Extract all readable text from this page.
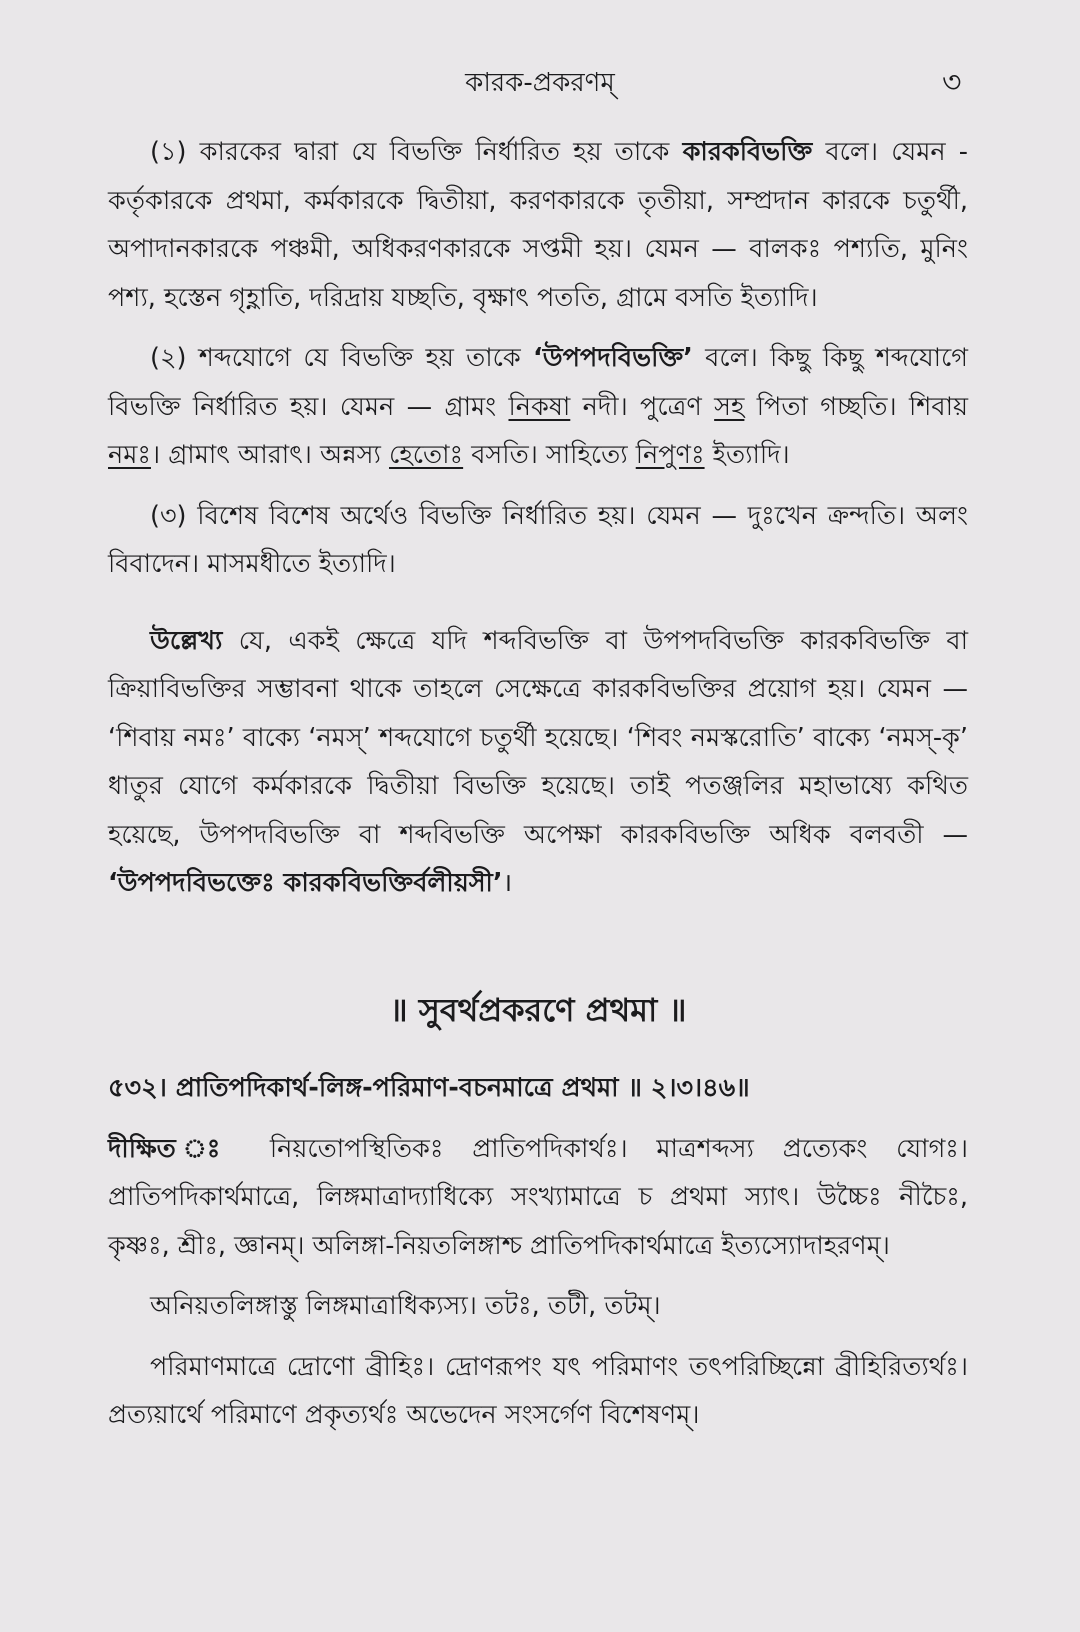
কারক-প্রকরণম্	৩

(১) কারকের দ্বারা যে বিভক্তি নির্ধারিত হয় তাকে কারকবিভক্তি বলে। যেমন - কর্তৃকারকে প্রথমা, কর্মকারকে দ্বিতীয়া, করণকারকে তৃতীয়া, সম্প্রদান কারকে চতুর্থী, অপাদানকারকে পঞ্চমী, অধিকরণকারকে সপ্তমী হয়। যেমন — বালকঃ পশ্যতি, মুনিং পশ্য, হস্তেন গৃহ্ণাতি, দরিদ্রায় যচ্ছতি, বৃক্ষাৎ পততি, গ্রামে বসতি ইত্যাদি।

(২) শব্দযোগে যে বিভক্তি হয় তাকে ‘উপপদবিভক্তি’ বলে। কিছু কিছু শব্দযোগে বিভক্তি নির্ধারিত হয়। যেমন — গ্রামং নিকষা নদী। পুত্রেণ সহ পিতা গচ্ছতি। শিবায় নমঃ। গ্রামাৎ আরাৎ। অন্নস্য হেতোঃ বসতি। সাহিত্যে নিপুণঃ ইত্যাদি।

(৩) বিশেষ বিশেষ অর্থেও বিভক্তি নির্ধারিত হয়। যেমন — দুঃখেন ক্রন্দতি। অলং বিবাদেন। মাসমধীতে ইত্যাদি।

উল্লেখ্য যে, একই ক্ষেত্রে যদি শব্দবিভক্তি বা উপপদবিভক্তি কারকবিভক্তি বা ক্রিয়াবিভক্তির সম্ভাবনা থাকে তাহলে সেক্ষেত্রে কারকবিভক্তির প্রয়োগ হয়। যেমন — ‘শিবায় নমঃ’ বাক্যে ‘নমস্’ শব্দযোগে চতুর্থী হয়েছে। ‘শিবং নমস্করোতি’ বাক্যে ‘নমস্-কৃ’ ধাতুর যোগে কর্মকারকে দ্বিতীয়া বিভক্তি হয়েছে। তাই পতঞ্জলির মহাভাষ্যে কথিত হয়েছে, উপপদবিভক্তি বা শব্দবিভক্তি অপেক্ষা কারকবিভক্তি অধিক বলবতী — ‘উপপদবিভক্তেঃ কারকবিভক্তির্বলীয়সী’।

॥ সুবর্থপ্রকরণে প্রথমা ॥

৫৩২। প্রাতিপদিকার্থ-লিঙ্গ-পরিমাণ-বচনমাত্রে প্রথমা ॥ ২।৩।৪৬॥

দীক্ষিত ঃ নিয়তোপস্থিতিকঃ প্রাতিপদিকার্থঃ। মাত্রশব্দস্য প্রত্যেকং যোগঃ। প্রাতিপদিকার্থমাত্রে, লিঙ্গমাত্রাদ্যাধিক্যে সংখ্যামাত্রে চ প্রথমা স্যাৎ। উচ্চৈঃ নীচৈঃ, কৃষ্ণঃ, শ্রীঃ, জ্ঞানম্। অলিঙ্গা-নিয়তলিঙ্গাশ্চ প্রাতিপদিকার্থমাত্রে ইত্যস্যোদাহরণম্।

অনিয়তলিঙ্গাস্তু লিঙ্গমাত্রাধিক্যস্য। তটঃ, তটী, তটম্।

পরিমাণমাত্রে দ্রোণো ব্রীহিঃ। দ্রোণরূপং যৎ পরিমাণং তৎপরিচ্ছিন্নো ব্রীহিরিত্যর্থঃ। প্রত্যয়ার্থে পরিমাণে প্রকৃত্যর্থঃ অভেদেন সংসর্গেণ বিশেষণম্।
